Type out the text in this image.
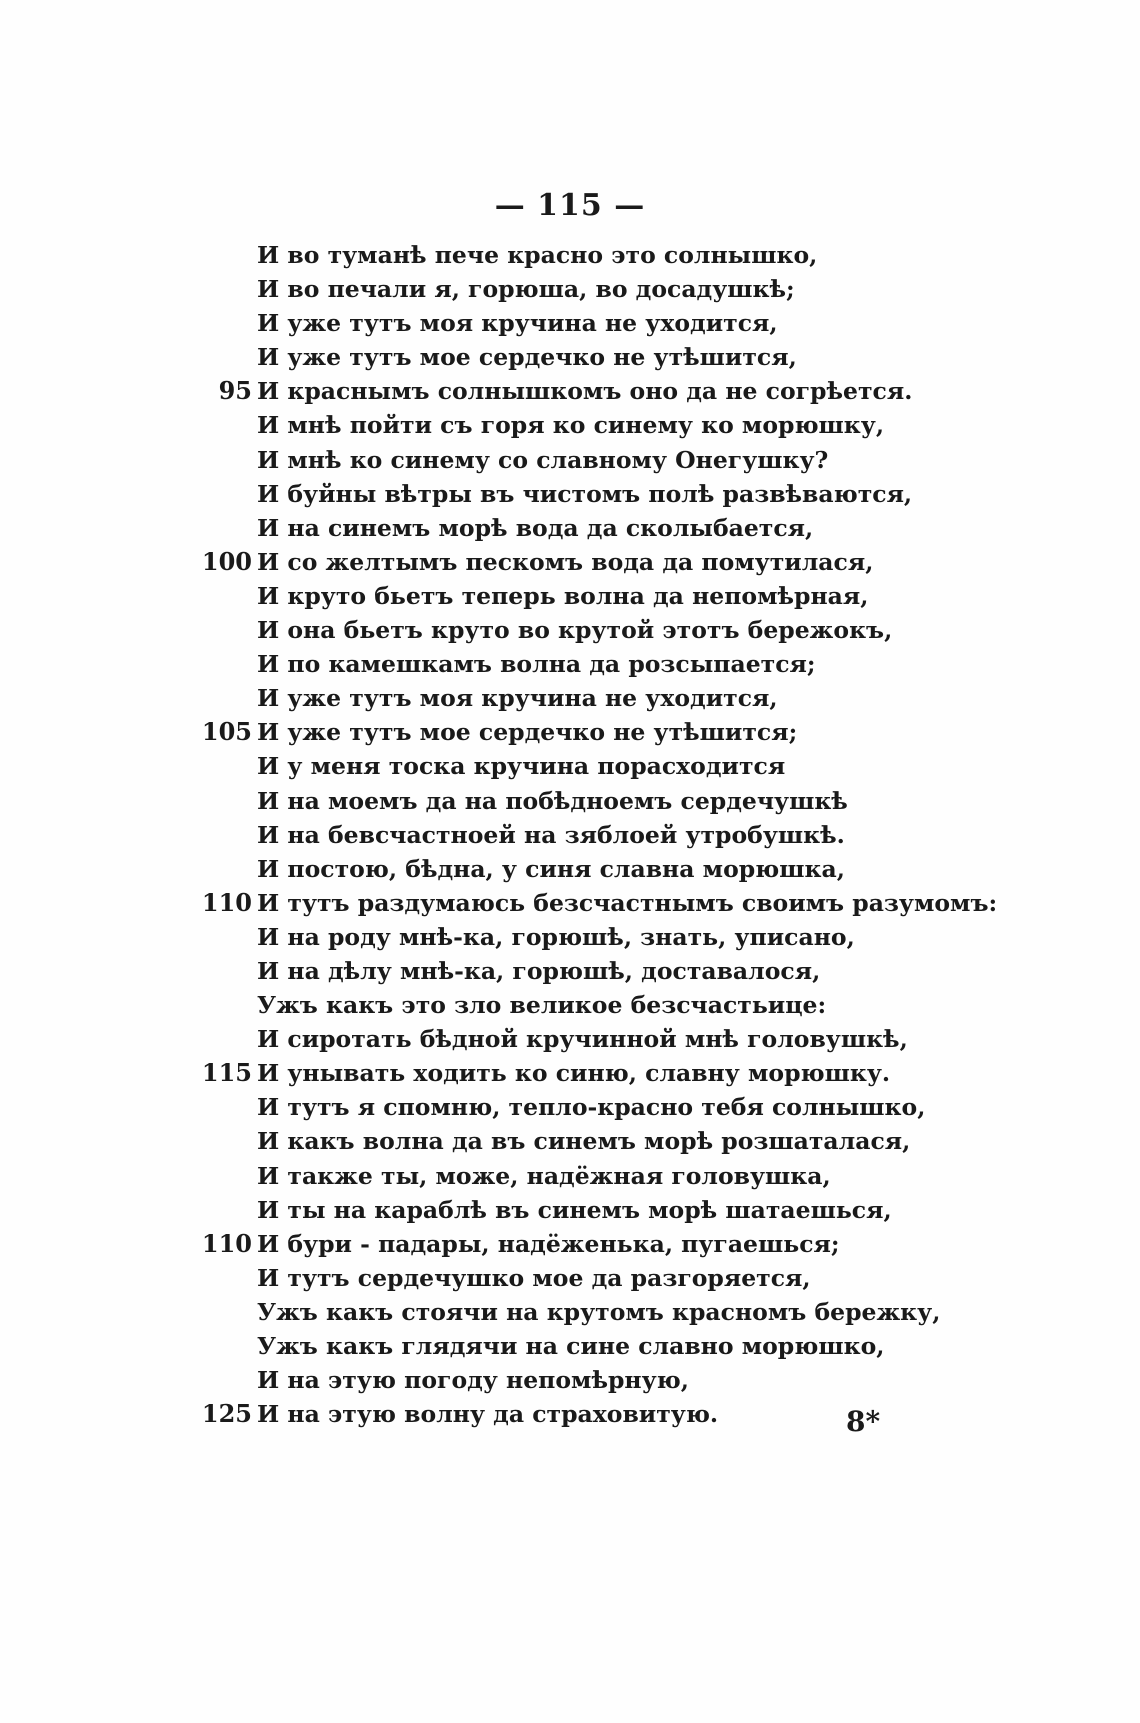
— 115 —
И во туманѣ пече красно это солнышко,
И во печали я, горюша, во досадушкѣ;
И уже тутъ моя кручина не уходится,
И уже тутъ мое сердечко не утѣшится,
95 И краснымъ солнышкомъ оно да не согрѣется.
И мнѣ пойти съ горя ко синему ко морюшку,
И мнѣ ко синему со славному Онегушку?
И буйны вѣтры въ чистомъ полѣ развѣваются,
И на синемъ морѣ вода да сколыбается,
100 И со желтымъ пескомъ вода да помутилася,
И круто бьетъ теперь волна да непомѣрная,
И она бьетъ круто во крутой этотъ бережокъ,
И по камешкамъ волна да розсыпается;
И уже тутъ моя кручина не уходится,
105 И уже тутъ мое сердечко не утѣшится;
И у меня тоска кручина порасходится
И на моемъ да на побѣдноемъ сердечушкѣ
И на бевсчастноей на зяблоей утробушкѣ.
И постою, бѣдна, у синя славна морюшка,
110 И тутъ раздумаюсь безсчастнымъ своимъ разумомъ:
И на роду мнѣ-ка, горюшѣ, знать, уписано,
И на дѣлу мнѣ-ка, горюшѣ, доставалося,
Ужъ какъ это зло великое безсчастьице:
И сиротать бѣдной кручинной мнѣ головушкѣ,
115 И унывать ходить ко синю, славну морюшку.
И тутъ я спомню, тепло-красно тебя солнышко,
И какъ волна да въ синемъ морѣ розшаталася,
И также ты, може, надёжная головушка,
И ты на караблѣ въ синемъ морѣ шатаешься,
110 И бури - падары, надёженька, пугаешься;
И тутъ сердечушко мое да разгоряется,
Ужъ какъ стоячи на крутомъ красномъ бережку,
Ужъ какъ глядячи на сине славно морюшко,
И на этую погоду непомѣрную,
125 И на этую волну да страховитую.	8*
